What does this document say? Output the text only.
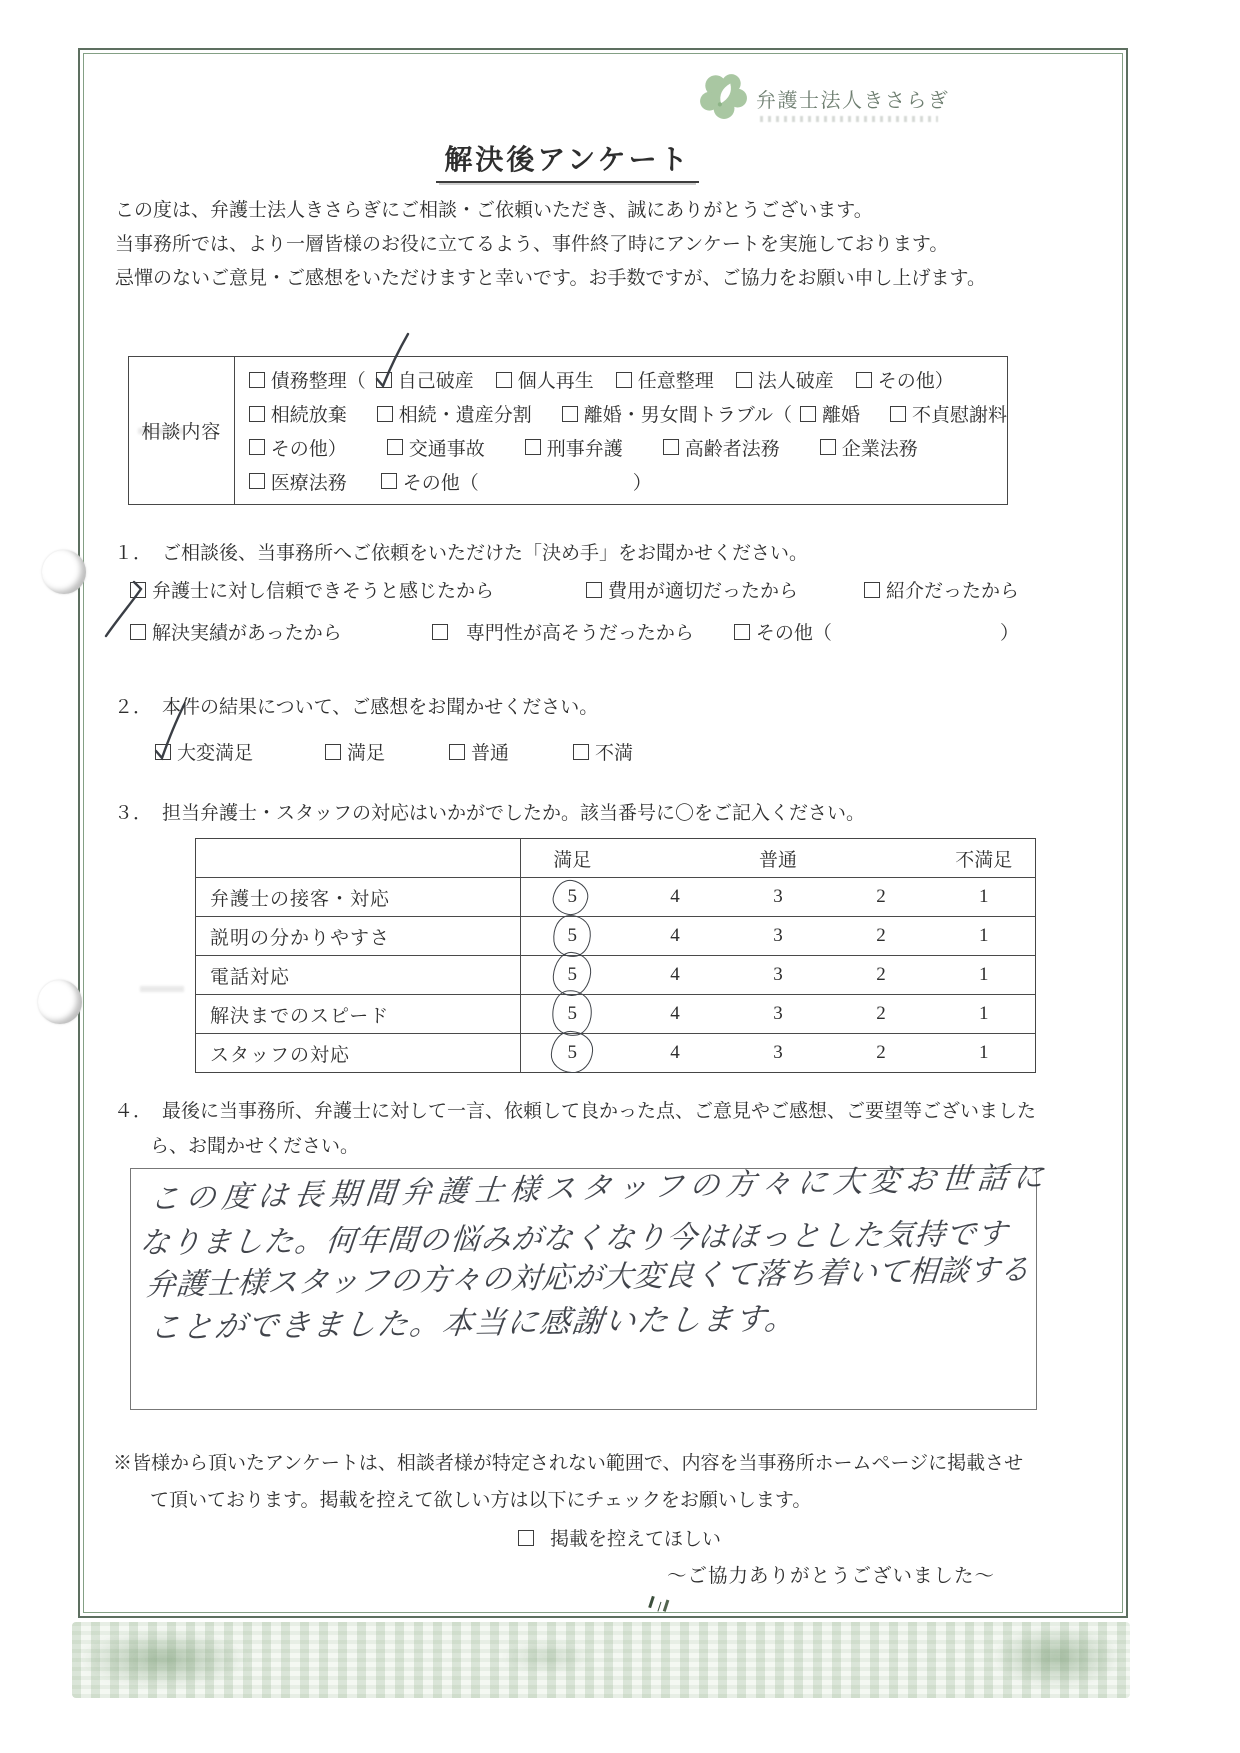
弁護士法人きさらぎ
解決後アンケート
この度は、弁護士法人きさらぎにご相談・ご依頼いただき、誠にありがとうございます。
当事務所では、より一層皆様のお役に立てるよう、事件終了時にアンケートを実施しております。
忌憚のないご意見・ご感想をいただけますと幸いです。お手数ですが、ご協力をお願い申し上げます。
相談内容
債務整理（ 自己破産 個人再生 任意整理 法人破産 その他）
相続放棄	相続・遺産分割	離婚・男女間トラブル（ 離婚	不貞慰謝料
その他）	交通事故	刑事弁護	高齢者法務	企業法務
医療法務	その他（	）
１． ご相談後、当事務所へご依頼をいただけた「決め手」をお聞かせください。
弁護士に対し信頼できそうと感じたから	費用が適切だったから	紹介だったから
解決実績があったから	専門性が高そうだったから	その他（	）
２． 本件の結果について、ご感想をお聞かせください。
大変満足	満足	普通	不満
３． 担当弁護士・スタッフの対応はいかがでしたか。該当番号に〇をご記入ください。
	満足		普通		不満足
弁護士の接客・対応	5	4	3	2	1
説明の分かりやすさ	5	4	3	2	1
電話対応	5	4	3	2	1
解決までのスピード	5	4	3	2	1
スタッフの対応	5	4	3	2	1
４． 最後に当事務所、弁護士に対して一言、依頼して良かった点、ご意見やご感想、ご要望等ございました
ら、お聞かせください。
この度は長期間弁護士様スタッフの方々に大変お世話に
なりました。何年間の悩みがなくなり今はほっとした気持です
弁護士様スタッフの方々の対応が大変良くて落ち着いて相談する
ことができました。本当に感謝いたします。
※皆様から頂いたアンケートは、相談者様が特定されない範囲で、内容を当事務所ホームページに掲載させ
て頂いております。掲載を控えて欲しい方は以下にチェックをお願いします。
掲載を控えてほしい
～ご協力ありがとうございました～
